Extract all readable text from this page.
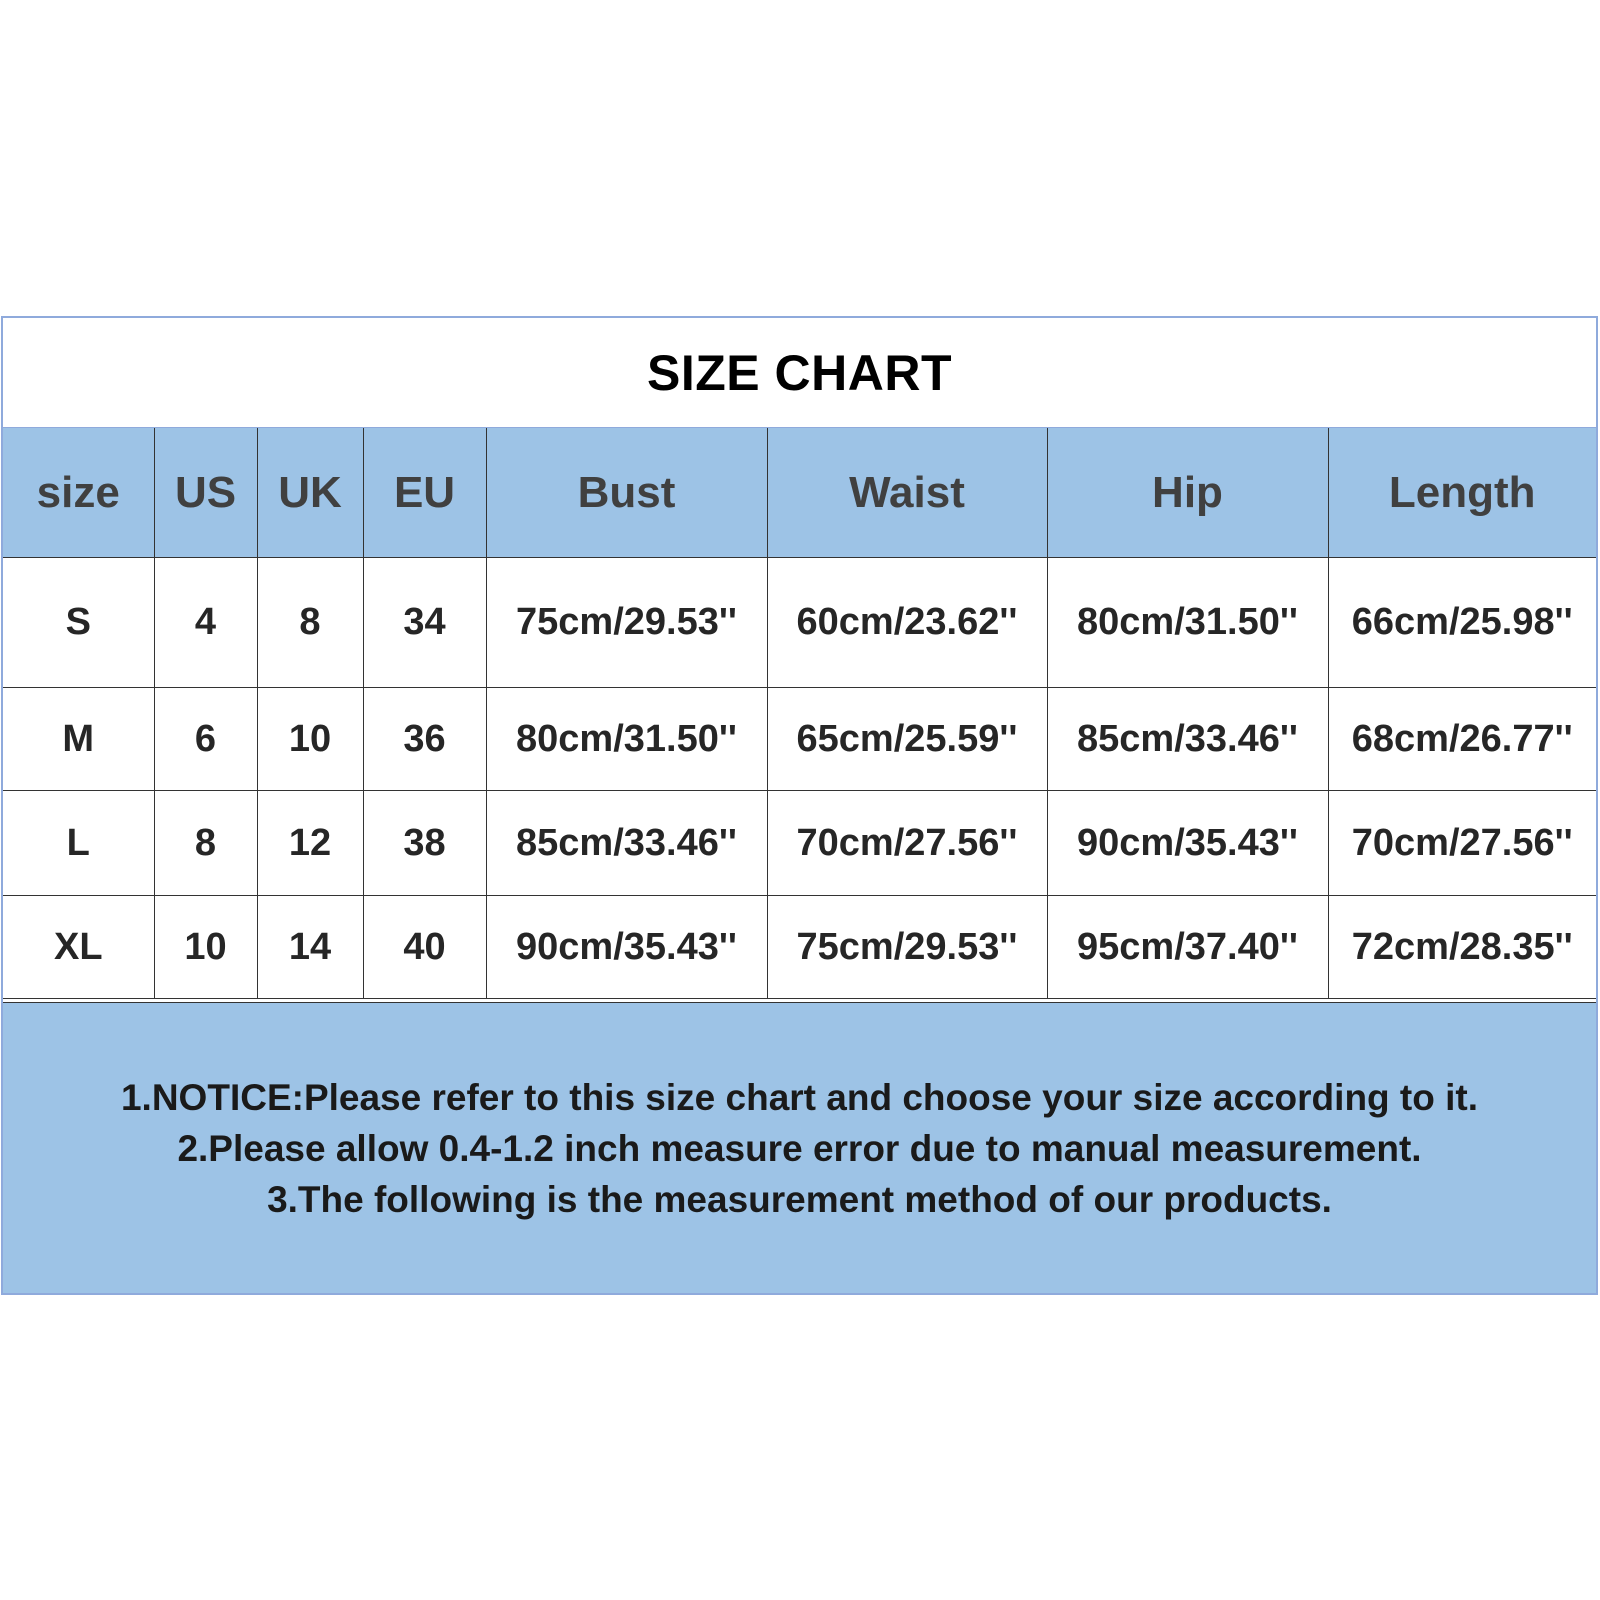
SIZE CHART
size	US	UK	EU	Bust	Waist	Hip	Length
S	4	8	34	75cm/29.53''	60cm/23.62''	80cm/31.50''	66cm/25.98''
M	6	10	36	80cm/31.50''	65cm/25.59''	85cm/33.46''	68cm/26.77''
L	8	12	38	85cm/33.46''	70cm/27.56''	90cm/35.43''	70cm/27.56''
XL	10	14	40	90cm/35.43''	75cm/29.53''	95cm/37.40''	72cm/28.35''
1.NOTICE:Please refer to this size chart and choose your size according to it.
2.Please allow 0.4-1.2 inch measure error due to manual measurement.
3.The following is the measurement method of our products.
